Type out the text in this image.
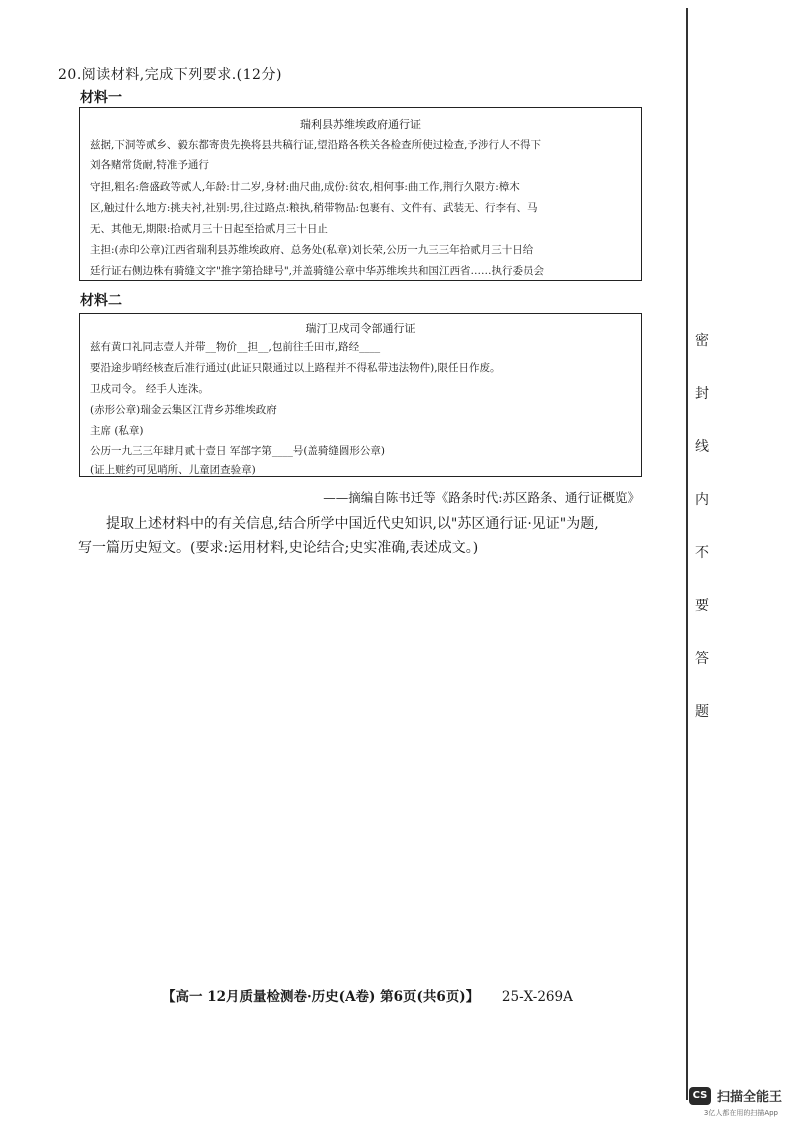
20.阅读材料,完成下列要求.(12分)
材料一
瑞利县苏维埃政府通行证
兹据,下洞等贰乡、毅东都寄贵先换将县共稿行证,望沿路各秩关各检查所使过检查,予涉行人不得下
刘各赌常货耐,特准予通行
守担,粗名:詹盛政等贰人,年龄:廿二岁,身材:曲尺曲,成份:贫农,相何事:曲工作,荆行久限方:樟木
区,触过什么地方:挑夫衬,社别:男,往过路点:粮执,稍带物品:包裹有、文件有、武装无、行李有、马
无、其他无,期限:拾贰月三十日起至拾贰月三十日止
主担:(赤印公章)江西省瑞利县苏维埃政府、总务处(私章)刘长荣,公历一九三三年拾贰月三十日给
廷行证右侧边株有骑缝文字"推字第拾肆号",并盖骑缝公章中华苏维埃共和国江西省……执行委员会
材料二
瑞汀卫戍司令部通行证
兹有黄口礼同志壹人并带__物价__担__,包前往壬田市,路经____
要沿途步哨经核查后准行通过(此证只限通过以上路程并不得私带违法物件),限任日作废。
卫戍司令。 经手人连洙。
(赤形公章)瑞金云集区江背乡苏维埃政府
主席 (私章)
公历一九三三年肆月贰十壹日 军部字第____号(盖骑缝圆形公章)
(证上赃约可见哨所、儿童团查验章)
——摘编自陈书迁等《路条时代:苏区路条、通行证概览》
提取上述材料中的有关信息,结合所学中国近代史知识,以"苏区通行证·见证"为题,
写一篇历史短文。(要求:运用材料,史论结合;史实准确,表述成文。)
【高一 12月质量检测卷·历史(A卷) 第6页(共6页)】 25-X-269A
密
封
线
内
不
要
答
题
CS 扫描全能王
3亿人都在用的扫描App
